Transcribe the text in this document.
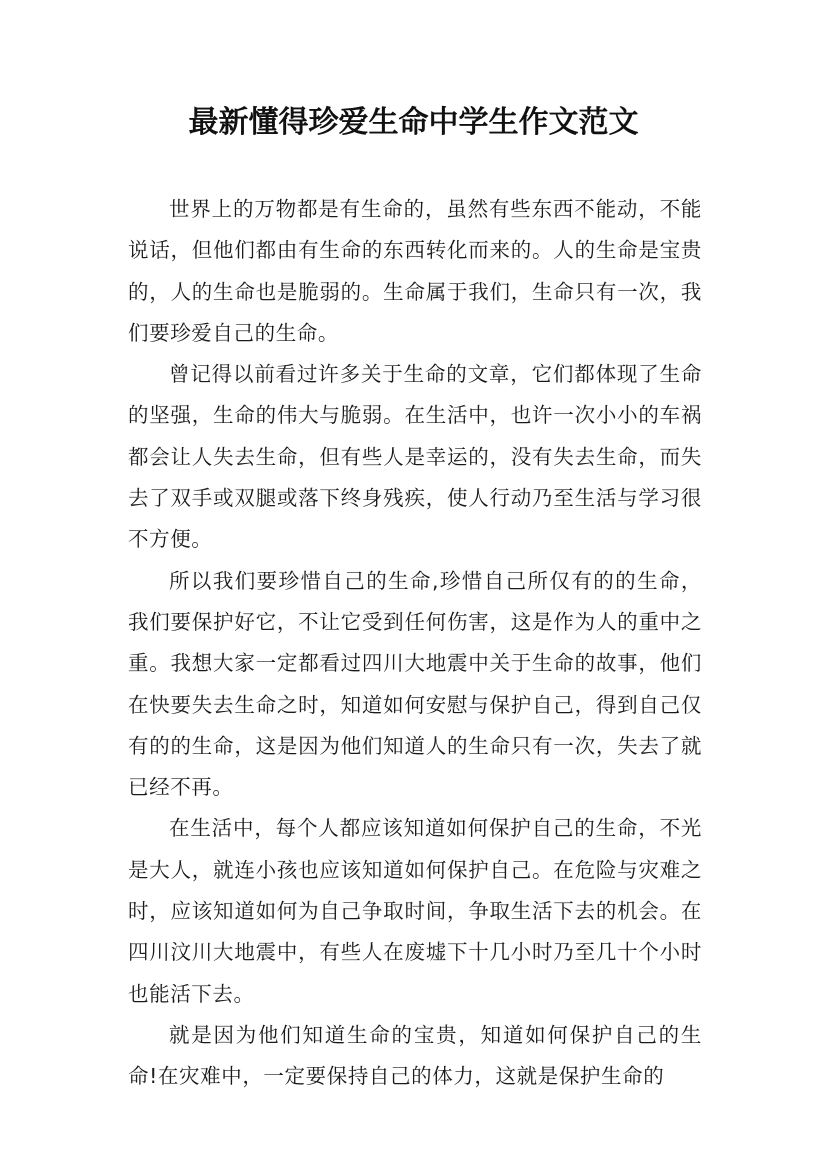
最新懂得珍爱生命中学生作文范文

世界上的万物都是有生命的，虽然有些东西不能动，不能说话，但他们都由有生命的东西转化而来的。人的生命是宝贵的，人的生命也是脆弱的。生命属于我们，生命只有一次，我们要珍爱自己的生命。

曾记得以前看过许多关于生命的文章，它们都体现了生命的坚强，生命的伟大与脆弱。在生活中，也许一次小小的车祸都会让人失去生命，但有些人是幸运的，没有失去生命，而失去了双手或双腿或落下终身残疾，使人行动乃至生活与学习很不方便。

所以我们要珍惜自己的生命,珍惜自己所仅有的的生命，我们要保护好它，不让它受到任何伤害，这是作为人的重中之重。我想大家一定都看过四川大地震中关于生命的故事，他们在快要失去生命之时，知道如何安慰与保护自己，得到自己仅有的的生命，这是因为他们知道人的生命只有一次，失去了就已经不再。

在生活中，每个人都应该知道如何保护自己的生命，不光是大人，就连小孩也应该知道如何保护自己。在危险与灾难之时，应该知道如何为自己争取时间，争取生活下去的机会。在四川汶川大地震中，有些人在废墟下十几小时乃至几十个小时也能活下去。

就是因为他们知道生命的宝贵，知道如何保护自己的生命!在灾难中，一定要保持自己的体力，这就是保护生命的
